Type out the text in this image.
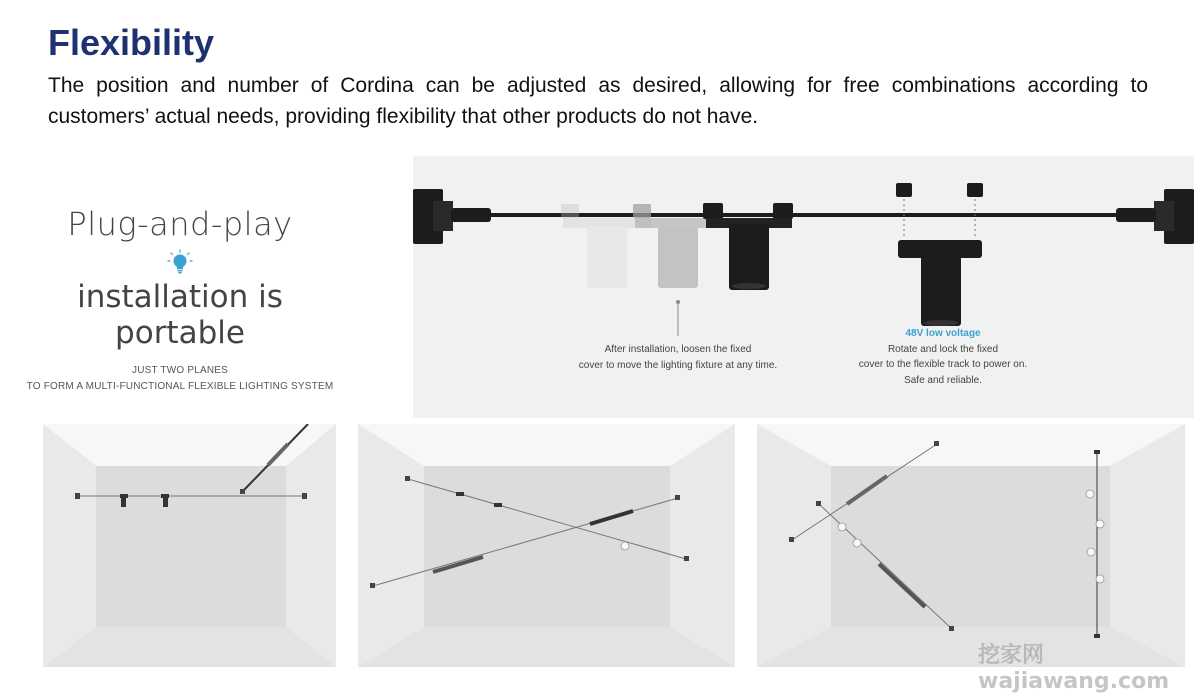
Flexibility

The position and number of Cordina can be adjusted as desired, allowing for free combinations according to customers’ actual needs, providing flexibility that other products do not have.

Plug-and-play
installation is portable
JUST TWO PLANES
TO FORM A MULTI-FUNCTIONAL FLEXIBLE LIGHTING SYSTEM
After installation, loosen the fixed
cover to move the lighting fixture at any time.
48V low voltage
Rotate and lock the fixed
cover to the flexible track to power on.
Safe and reliable.
挖家网 wajiawang.com
